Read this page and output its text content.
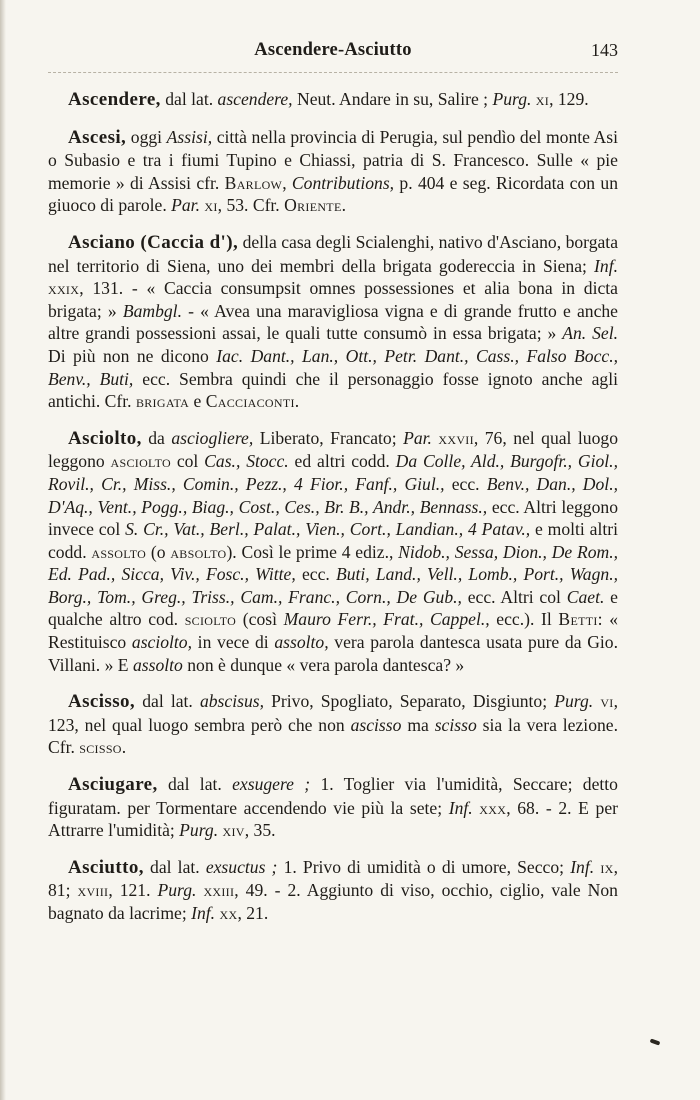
Ascendere-Asciutto	143

Ascendere, dal lat. ascendere, Neut. Andare in su, Salire ; Purg. xi, 129.

Ascesi, oggi Assisi, città nella provincia di Perugia, sul pendìo del monte Asi o Subasio e tra i fiumi Tupino e Chiassi, patria di S. Francesco. Sulle « pie memorie » di Assisi cfr. Barlow, Contributions, p. 404 e seg. Ricordata con un giuoco di parole. Par. xi, 53. Cfr. Oriente.

Asciano (Caccia d'), della casa degli Scialenghi, nativo d'Asciano, borgata nel territorio di Siena, uno dei membri della brigata godereccia in Siena; Inf. xxix, 131. - « Caccia consumpsit omnes possessiones et alia bona in dicta brigata; » Bambgl. - « Avea una maravigliosa vigna e di grande frutto e anche altre grandi possessioni assai, le quali tutte consumò in essa brigata; » An. Sel. Di più non ne dicono Iac. Dant., Lan., Ott., Petr. Dant., Cass., Falso Bocc., Benv., Buti, ecc. Sembra quindi che il personaggio fosse ignoto anche agli antichi. Cfr. brigata e Cacciaconti.

Asciolto, da asciogliere, Liberato, Francato; Par. xxvii, 76, nel qual luogo leggono asciolto col Cas., Stocc. ed altri codd. Da Colle, Ald., Burgofr., Giol., Rovil., Cr., Miss., Comin., Pezz., 4 Fior., Fanf., Giul., ecc. Benv., Dan., Dol., D'Aq., Vent., Pogg., Biag., Cost., Ces., Br. B., Andr., Bennass., ecc. Altri leggono invece col S. Cr., Vat., Berl., Palat., Vien., Cort., Landian., 4 Patav., e molti altri codd. assolto (o absolto). Così le prime 4 ediz., Nidob., Sessa, Dion., De Rom., Ed. Pad., Sicca, Viv., Fosc., Witte, ecc. Buti, Land., Vell., Lomb., Port., Wagn., Borg., Tom., Greg., Triss., Cam., Franc., Corn., De Gub., ecc. Altri col Caet. e qualche altro cod. sciolto (così Mauro Ferr., Frat., Cappel., ecc.). Il Betti: « Restituisco asciolto, in vece di assolto, vera parola dantesca usata pure da Gio. Villani. » E assolto non è dunque « vera parola dantesca? »

Ascisso, dal lat. abscisus, Privo, Spogliato, Separato, Disgiunto; Purg. vi, 123, nel qual luogo sembra però che non ascisso ma scisso sia la vera lezione. Cfr. scisso.

Asciugare, dal lat. exsugere ; 1. Toglier via l'umidità, Seccare; detto figuratam. per Tormentare accendendo vie più la sete; Inf. xxx, 68. - 2. E per Attrarre l'umidità; Purg. xiv, 35.

Asciutto, dal lat. exsuctus ; 1. Privo di umidità o di umore, Secco; Inf. ix, 81; xviii, 121. Purg. xxiii, 49. - 2. Aggiunto di viso, occhio, ciglio, vale Non bagnato da lacrime; Inf. xx, 21.
